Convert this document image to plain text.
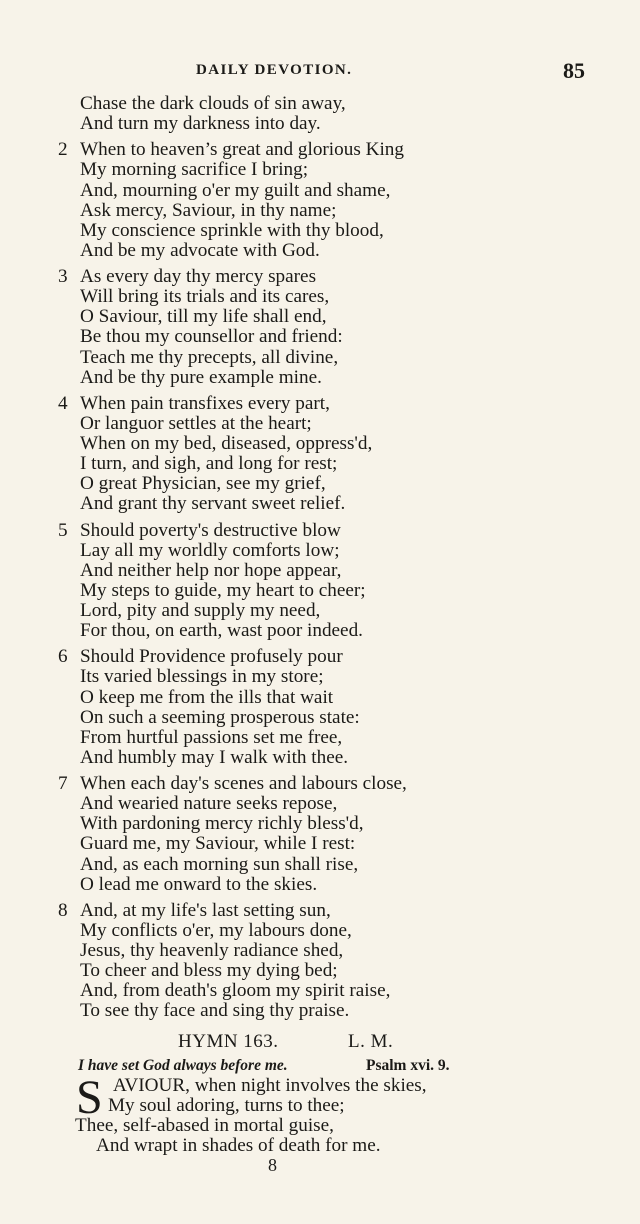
DAILY DEVOTION.	85
Chase the dark clouds of sin away,
And turn my darkness into day.
2 When to heaven’s great and glorious King
My morning sacrifice I bring;
And, mourning o'er my guilt and shame,
Ask mercy, Saviour, in thy name;
My conscience sprinkle with thy blood,
And be my advocate with God.
3 As every day thy mercy spares
Will bring its trials and its cares,
O Saviour, till my life shall end,
Be thou my counsellor and friend:
Teach me thy precepts, all divine,
And be thy pure example mine.
4 When pain transfixes every part,
Or languor settles at the heart;
When on my bed, diseased, oppress'd,
I turn, and sigh, and long for rest;
O great Physician, see my grief,
And grant thy servant sweet relief.
5 Should poverty's destructive blow
Lay all my worldly comforts low;
And neither help nor hope appear,
My steps to guide, my heart to cheer;
Lord, pity and supply my need,
For thou, on earth, wast poor indeed.
6 Should Providence profusely pour
Its varied blessings in my store;
O keep me from the ills that wait
On such a seeming prosperous state:
From hurtful passions set me free,
And humbly may I walk with thee.
7 When each day's scenes and labours close,
And wearied nature seeks repose,
With pardoning mercy richly bless'd,
Guard me, my Saviour, while I rest:
And, as each morning sun shall rise,
O lead me onward to the skies.
8 And, at my life's last setting sun,
My conflicts o'er, my labours done,
Jesus, thy heavenly radiance shed,
To cheer and bless my dying bed;
And, from death's gloom my spirit raise,
To see thy face and sing thy praise.
HYMN 163.	L. M.
I have set God always before me.	Psalm xvi. 9.
S AVIOUR, when night involves the skies,
My soul adoring, turns to thee;
Thee, self-abased in mortal guise,
And wrapt in shades of death for me.
8
